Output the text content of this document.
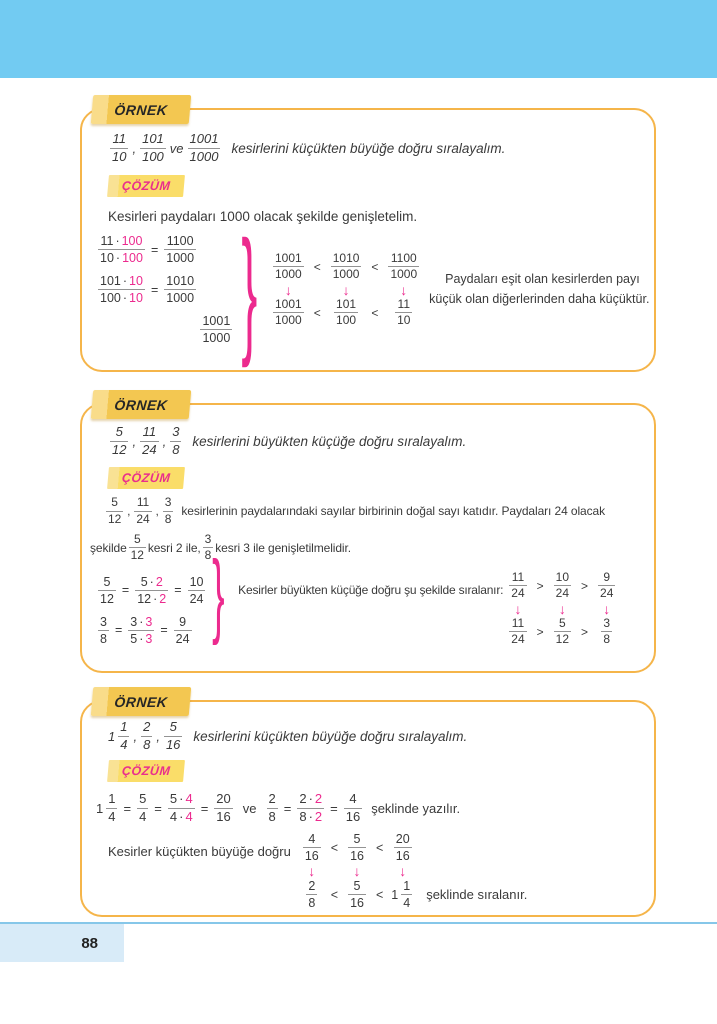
ÖRNEK
$\frac{11}{10}$ , $\frac{101}{100}$ ve $\frac{1001}{1000}$ kesirlerini küçükten büyüğe doğru sıralayalım.
ÇÖZÜM
Kesirleri paydaları 1000 olacak şekilde genişletelim.
$\frac{11 \cdot 100}{10 \cdot 100} = \frac{1100}{1000}$
$\frac{101 \cdot 10}{100 \cdot 10} = \frac{1010}{1000}$
$\frac{1001}{1000}$ } $\frac{1001}{1000} < \frac{1010}{1000} < \frac{1100}{1000}$
↓	↓	↓
$\frac{1001}{1000} < \frac{101}{100} < \frac{11}{10}$
Paydaları eşit olan kesirlerden payı küçük olan diğerlerinden daha küçüktür.
ÖRNEK
$\frac{5}{12}$ , $\frac{11}{24}$ , $\frac{3}{8}$ kesirlerini büyükten küçüğe doğru sıralayalım.
ÇÖZÜM
$\frac{5}{12}$ , $\frac{11}{24}$ , $\frac{3}{8}$ kesirlerinin paydalarındaki sayılar birbirinin doğal sayı katıdır. Paydaları 24 olacak
şekilde $\frac{5}{12}$ kesri 2 ile, $\frac{3}{8}$ kesri 3 ile genişletilmelidir.
$\frac{5}{12} = \frac{5 \cdot 2}{12 \cdot 2} = \frac{10}{24}$
$\frac{3}{8} = \frac{3 \cdot 3}{5 \cdot 3} = \frac{9}{24}$ } Kesirler büyükten küçüğe doğru şu şekilde sıralanır: $\frac{11}{24} > \frac{10}{24} > \frac{9}{24}$
↓	↓	↓
$\frac{11}{24} > \frac{5}{12} > \frac{3}{8}$
ÖRNEK
$1 \frac{1}{4}$ , $\frac{2}{8}$ , $\frac{5}{16}$ kesirlerini küçükten büyüğe doğru sıralayalım.
ÇÖZÜM
$1 \frac{1}{4} = \frac{5}{4} = \frac{5 \cdot 4}{4 \cdot 4} = \frac{20}{16}$ ve $\frac{2}{8} = \frac{2 \cdot 2}{8 \cdot 2} = \frac{4}{16}$ şeklinde yazılır.
Kesirler küçükten büyüğe doğru $\frac{4}{16} < \frac{5}{16} < \frac{20}{16}$
↓	↓	↓
$\frac{2}{8} < \frac{5}{16} < 1 \frac{1}{4}$ şeklinde sıralanır.
88
